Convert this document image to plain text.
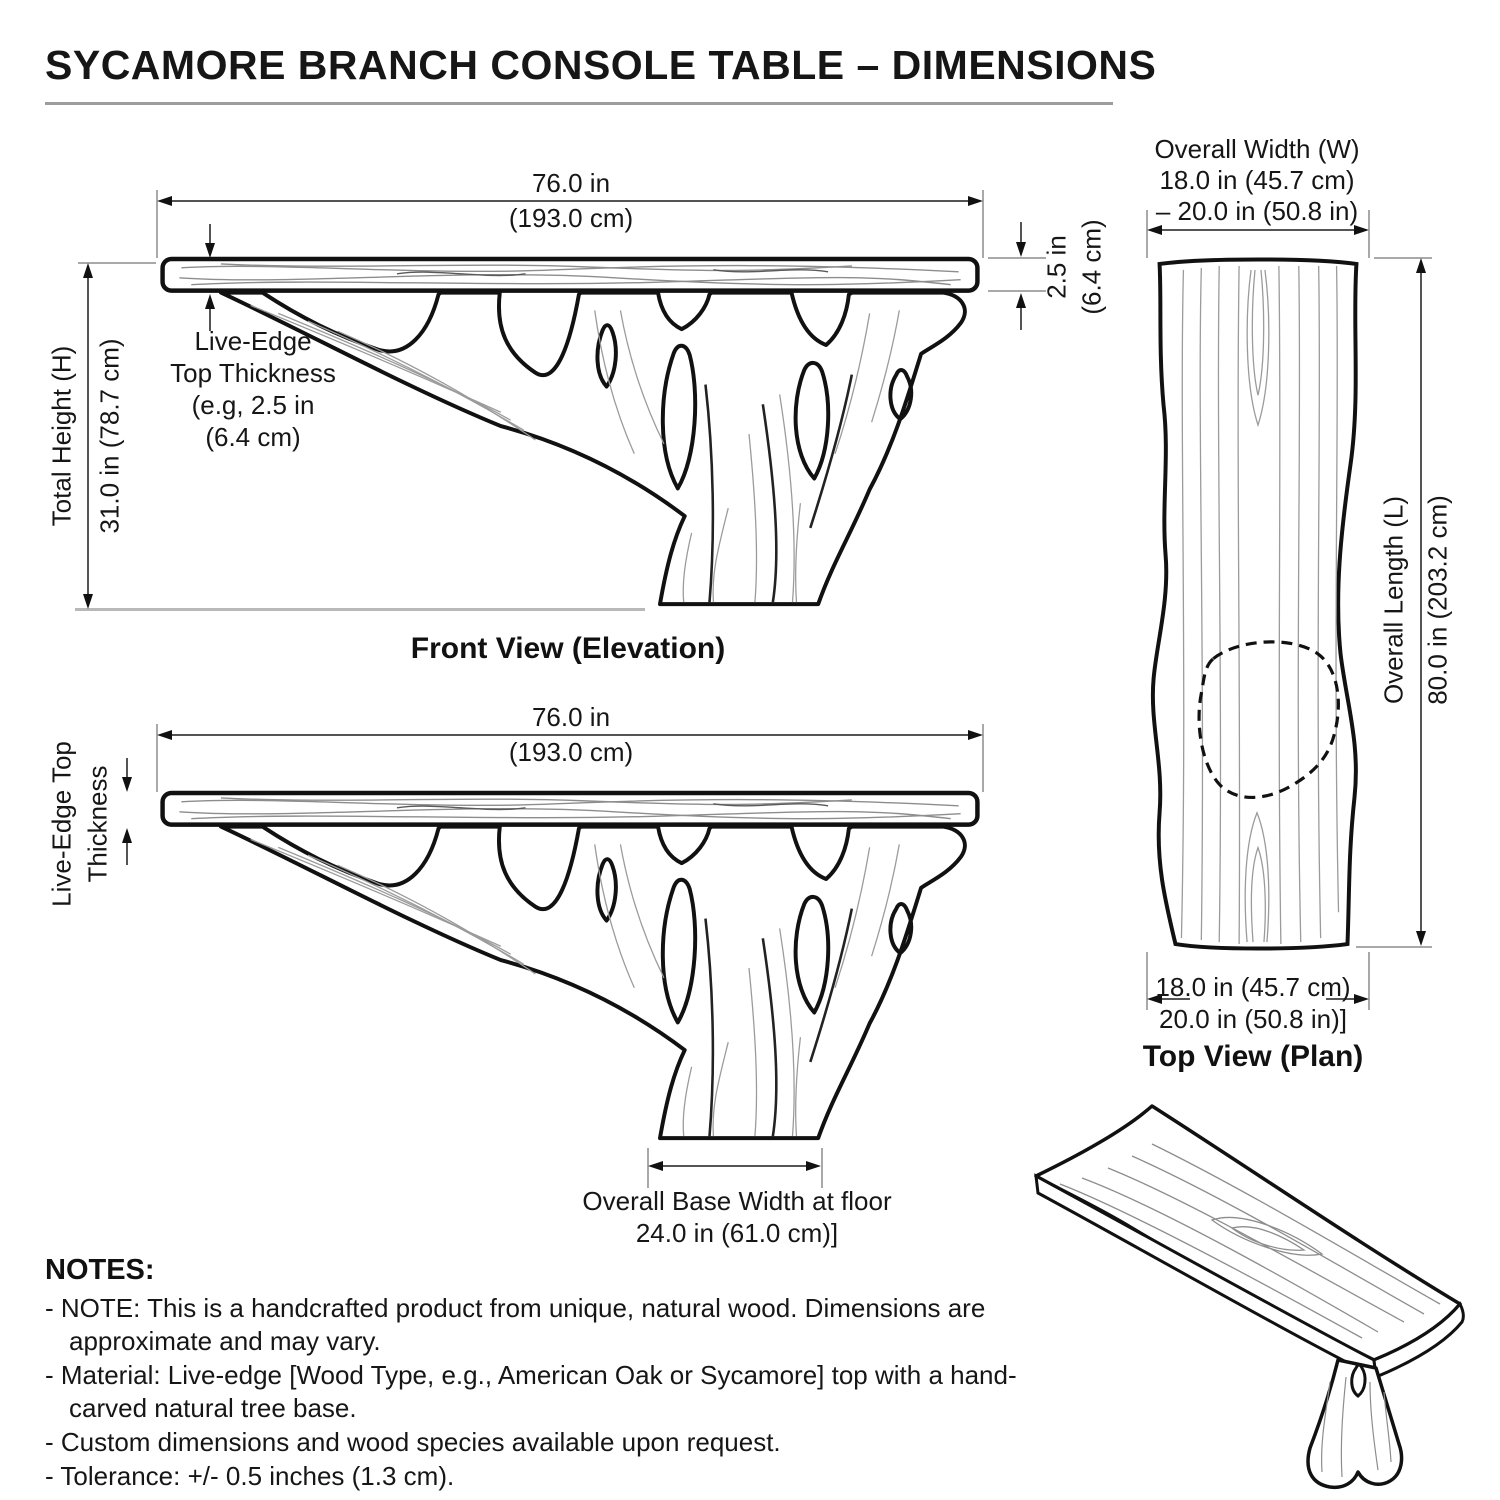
SYCAMORE BRANCH CONSOLE TABLE – DIMENSIONS
76.0 in
(193.0 cm)
Total Height (H) 31.0 in (78.7 cm)	Live-Edge
Top Thickness
(e.g, 2.5 in
(6.4 cm)
2.5 in (6.4 cm)
Front View (Elevation)
76.0 in
(193.0 cm)
Live-Edge Top Thickness
Overall Base Width at floor
24.0 in (61.0 cm)]
Overall Width (W)
18.0 in (45.7 cm)
– 20.0 in (50.8 in)
Overall Length (L) 80.0 in (203.2 cm)
18.0 in (45.7 cm)
20.0 in (50.8 in)]
Top View (Plan)
NOTES:
- NOTE: This is a handcrafted product from unique, natural wood. Dimensions are approximate and may vary.
- Material: Live-edge [Wood Type, e.g., American Oak or Sycamore] top with a hand-carved natural tree base.
- Custom dimensions and wood species available upon request.
- Tolerance: +/- 0.5 inches (1.3 cm).
